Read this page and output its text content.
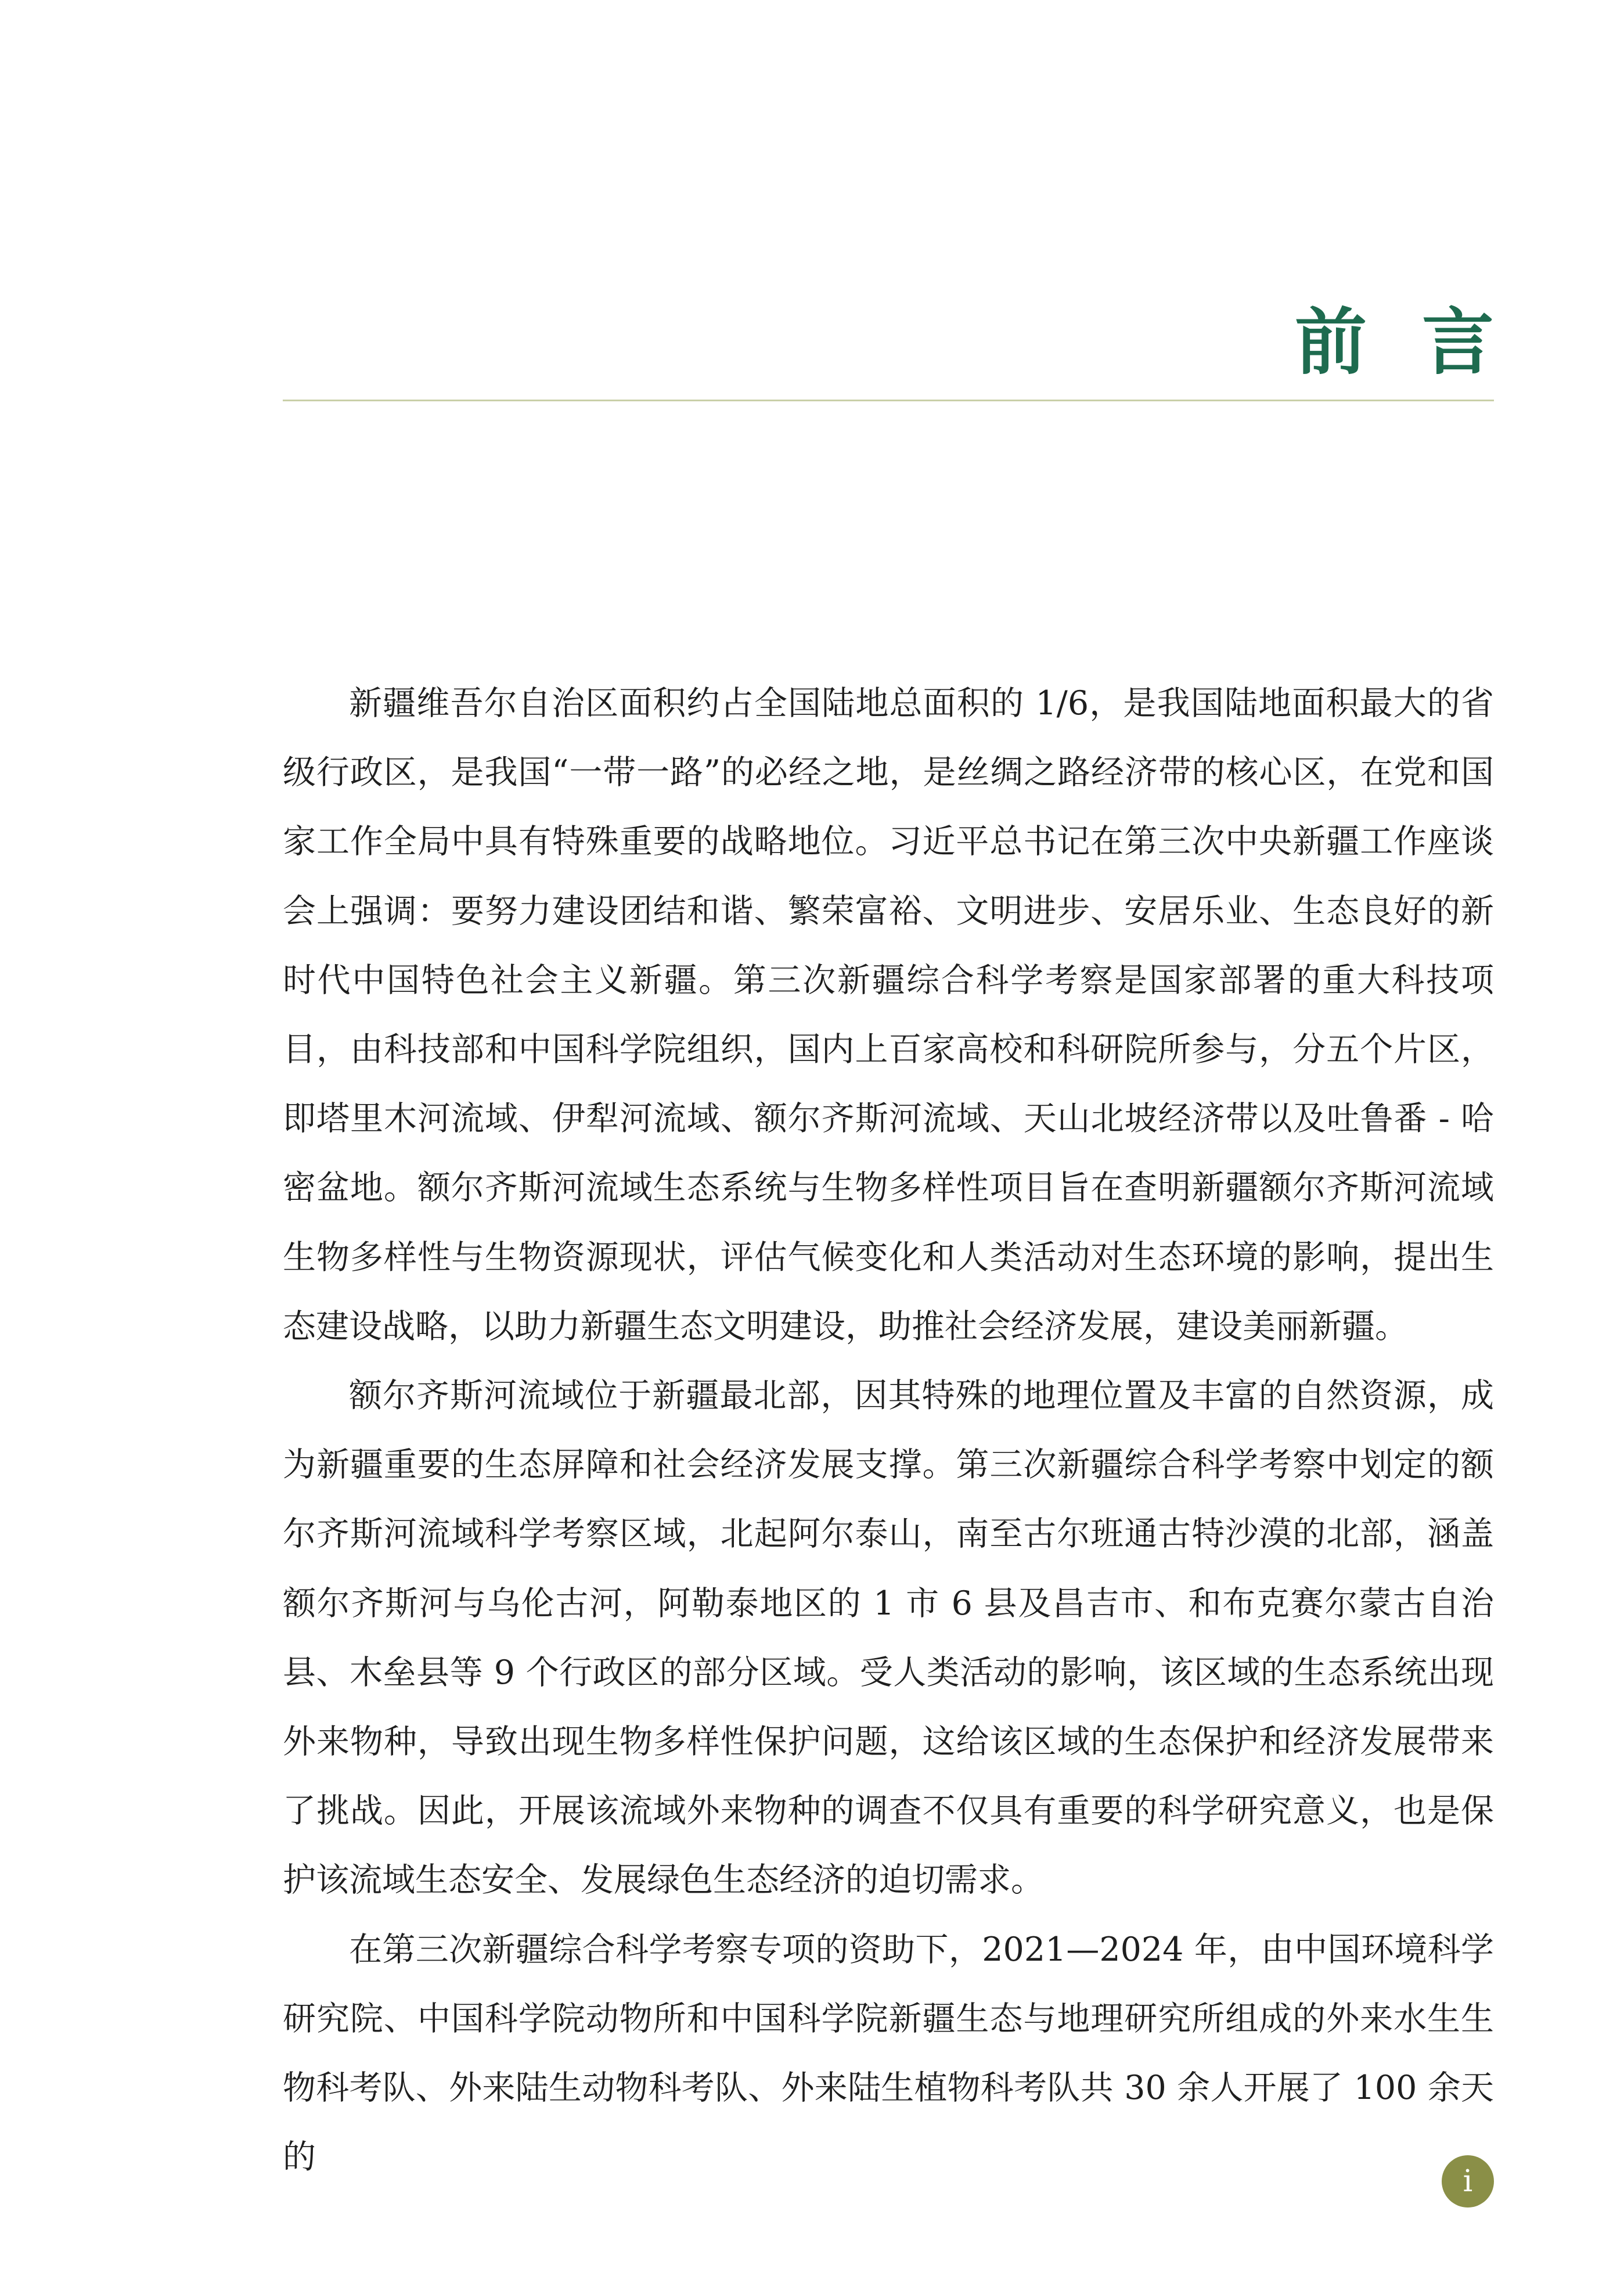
前言

新疆维吾尔自治区面积约占全国陆地总面积的 1/6，是我国陆地面积最大的省级行政区，是我国“一带一路”的必经之地，是丝绸之路经济带的核心区，在党和国家工作全局中具有特殊重要的战略地位。习近平总书记在第三次中央新疆工作座谈会上强调：要努力建设团结和谐、繁荣富裕、文明进步、安居乐业、生态良好的新时代中国特色社会主义新疆。第三次新疆综合科学考察是国家部署的重大科技项目，由科技部和中国科学院组织，国内上百家高校和科研院所参与，分五个片区，即塔里木河流域、伊犁河流域、额尔齐斯河流域、天山北坡经济带以及吐鲁番 - 哈密盆地。额尔齐斯河流域生态系统与生物多样性项目旨在查明新疆额尔齐斯河流域生物多样性与生物资源现状，评估气候变化和人类活动对生态环境的影响，提出生态建设战略，以助力新疆生态文明建设，助推社会经济发展，建设美丽新疆。

额尔齐斯河流域位于新疆最北部，因其特殊的地理位置及丰富的自然资源，成为新疆重要的生态屏障和社会经济发展支撑。第三次新疆综合科学考察中划定的额尔齐斯河流域科学考察区域，北起阿尔泰山，南至古尔班通古特沙漠的北部，涵盖额尔齐斯河与乌伦古河，阿勒泰地区的 1 市 6 县及昌吉市、和布克赛尔蒙古自治县、木垒县等 9 个行政区的部分区域。受人类活动的影响，该区域的生态系统出现外来物种，导致出现生物多样性保护问题，这给该区域的生态保护和经济发展带来了挑战。因此，开展该流域外来物种的调查不仅具有重要的科学研究意义，也是保护该流域生态安全、发展绿色生态经济的迫切需求。

在第三次新疆综合科学考察专项的资助下，2021—2024 年，由中国环境科学研究院、中国科学院动物所和中国科学院新疆生态与地理研究所组成的外来水生生物科考队、外来陆生动物科考队、外来陆生植物科考队共 30 余人开展了 100 余天的

i
